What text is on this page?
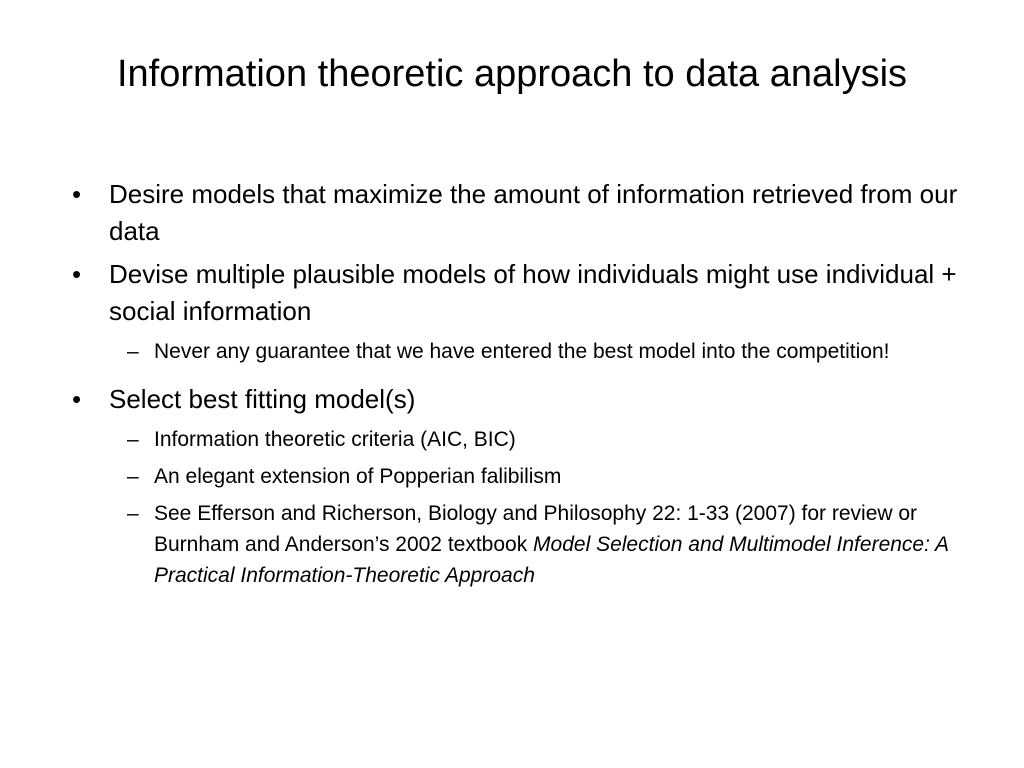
Information theoretic approach to data analysis
•	Desire models that maximize the amount of information retrieved from our data
•	Devise multiple plausible models of how individuals might use individual + social information
– Never any guarantee that we have entered the best model into the competition!
•	Select best fitting model(s)
– Information theoretic criteria (AIC, BIC)
– An elegant extension of Popperian falibilism
– See Efferson and Richerson, Biology and Philosophy 22: 1-33 (2007) for review or Burnham and Anderson’s 2002 textbook Model Selection and Multimodel Inference: A Practical Information-Theoretic Approach
